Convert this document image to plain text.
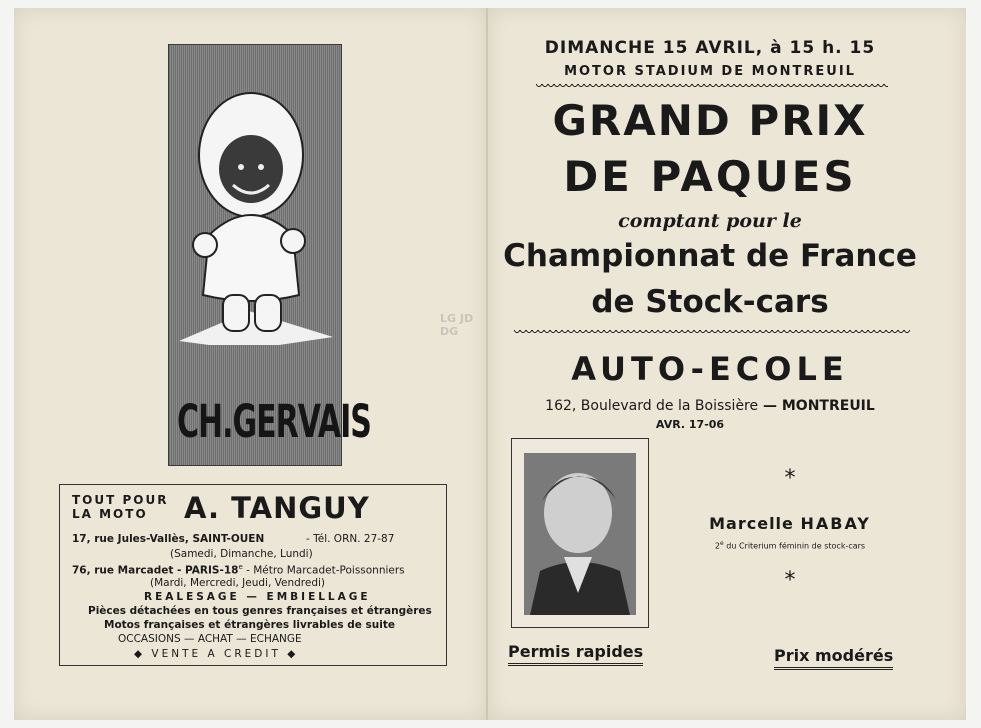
CH.GERVAIS
TOUT POUR
LA MOTO	A. TANGUY
17, rue Jules-Vallès, SAINT-OUEN	- Tél. ORN. 27-87
(Samedi, Dimanche, Lundi)
76, rue Marcadet - PARIS-18e - Métro Marcadet-Poissonniers
(Mardi, Mercredi, Jeudi, Vendredi)
REALESAGE — EMBIELLAGE
Pièces détachées en tous genres françaises et étrangères
Motos françaises et étrangères livrables de suite
OCCASIONS — ACHAT — ECHANGE
◆ VENTE A CREDIT ◆
LG JD DG
DIMANCHE 15 AVRIL, à 15 h. 15
MOTOR STADIUM DE MONTREUIL
GRAND PRIX
DE PAQUES
comptant pour le
Championnat de France
de Stock-cars
AUTO-ECOLE
162, Boulevard de la Boissière — MONTREUIL
AVR. 17-06
*
Marcelle HABAY
2e du Criterium féminin de stock-cars
*
Permis rapides	Prix modérés
